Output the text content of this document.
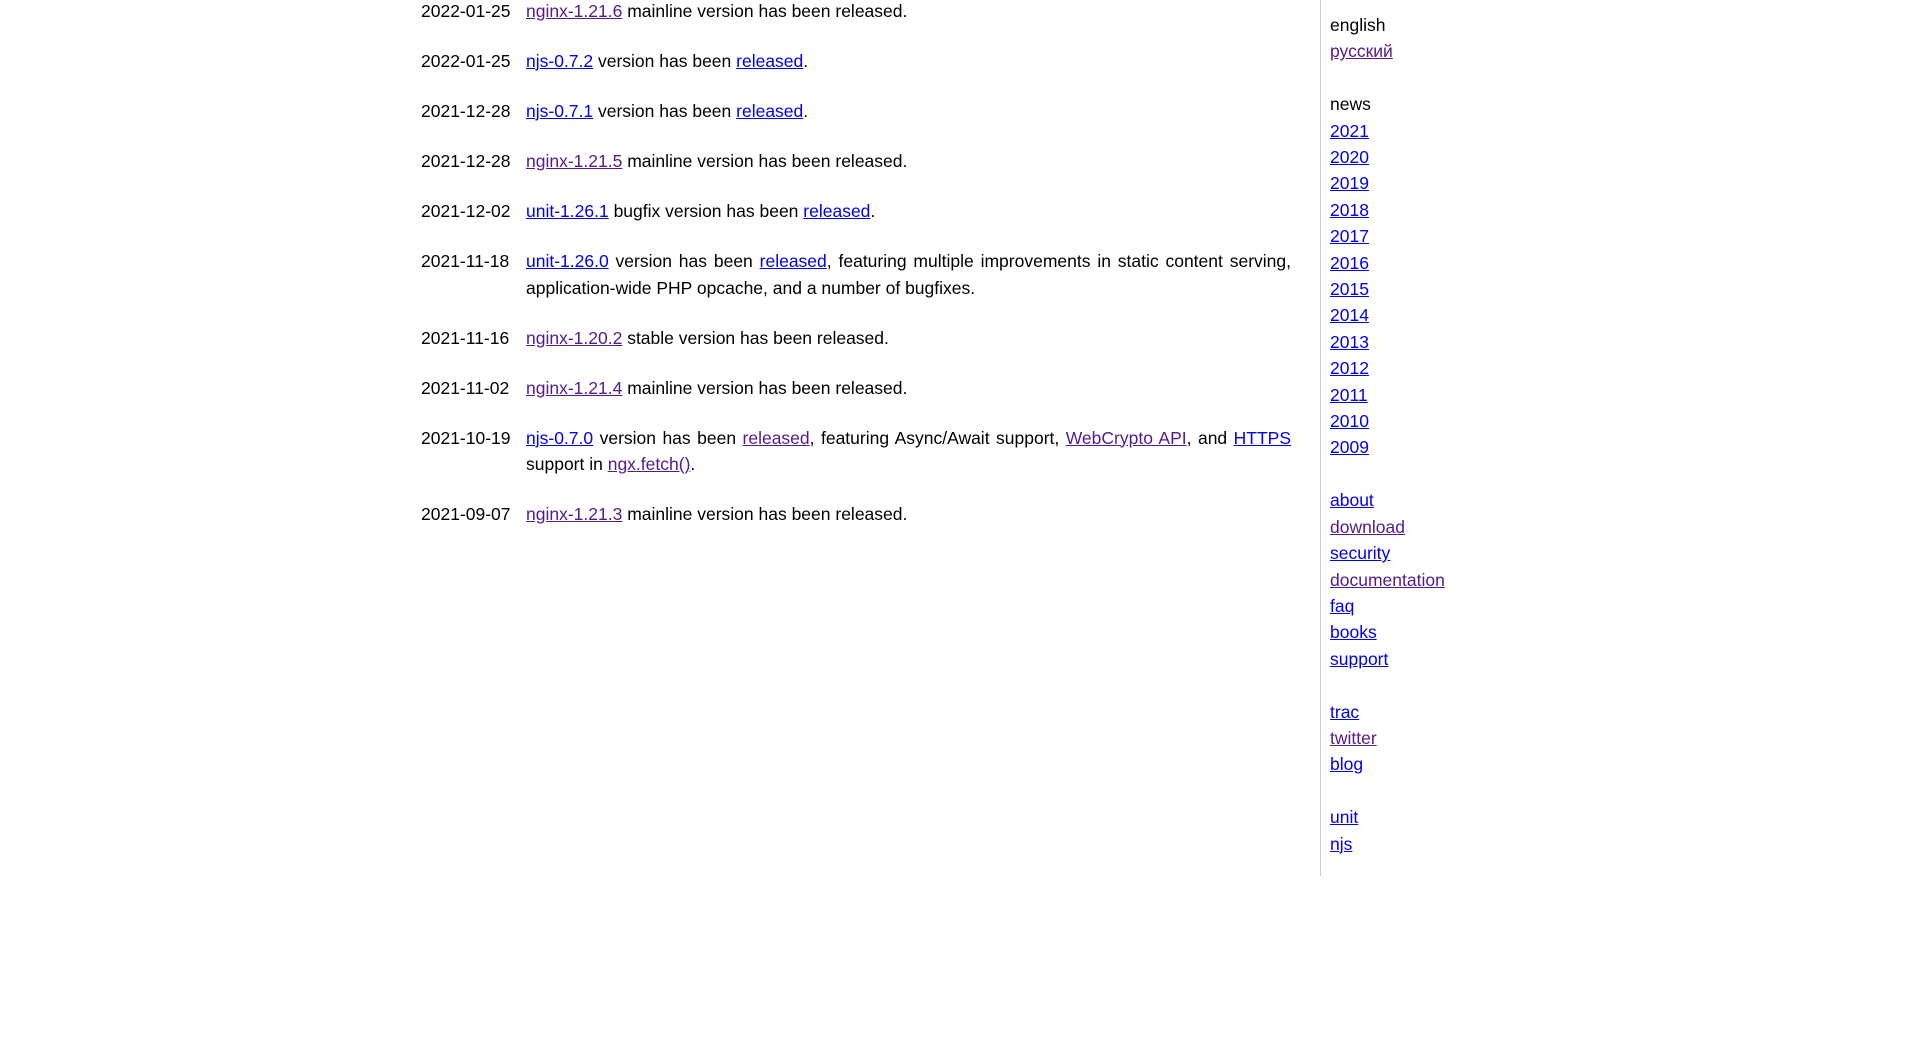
2022-01-25 nginx-1.21.6 mainline version has been released.
2022-01-25 njs-0.7.2 version has been released.
2021-12-28 njs-0.7.1 version has been released.
2021-12-28 nginx-1.21.5 mainline version has been released.
2021-12-02 unit-1.26.1 bugfix version has been released.
2021-11-18 unit-1.26.0 version has been released, featuring multiple improvements in static content serving, application-wide PHP opcache, and a number of bugfixes.
2021-11-16 nginx-1.20.2 stable version has been released.
2021-11-02 nginx-1.21.4 mainline version has been released.
2021-10-19 njs-0.7.0 version has been released, featuring Async/Await support, WebCrypto API, and HTTPS support in ngx.fetch().
2021-09-07 nginx-1.21.3 mainline version has been released.
english
русский
news
2021
2020
2019
2018
2017
2016
2015
2014
2013
2012
2011
2010
2009
about
download
security
documentation
faq
books
support
trac
twitter
blog
unit
njs
